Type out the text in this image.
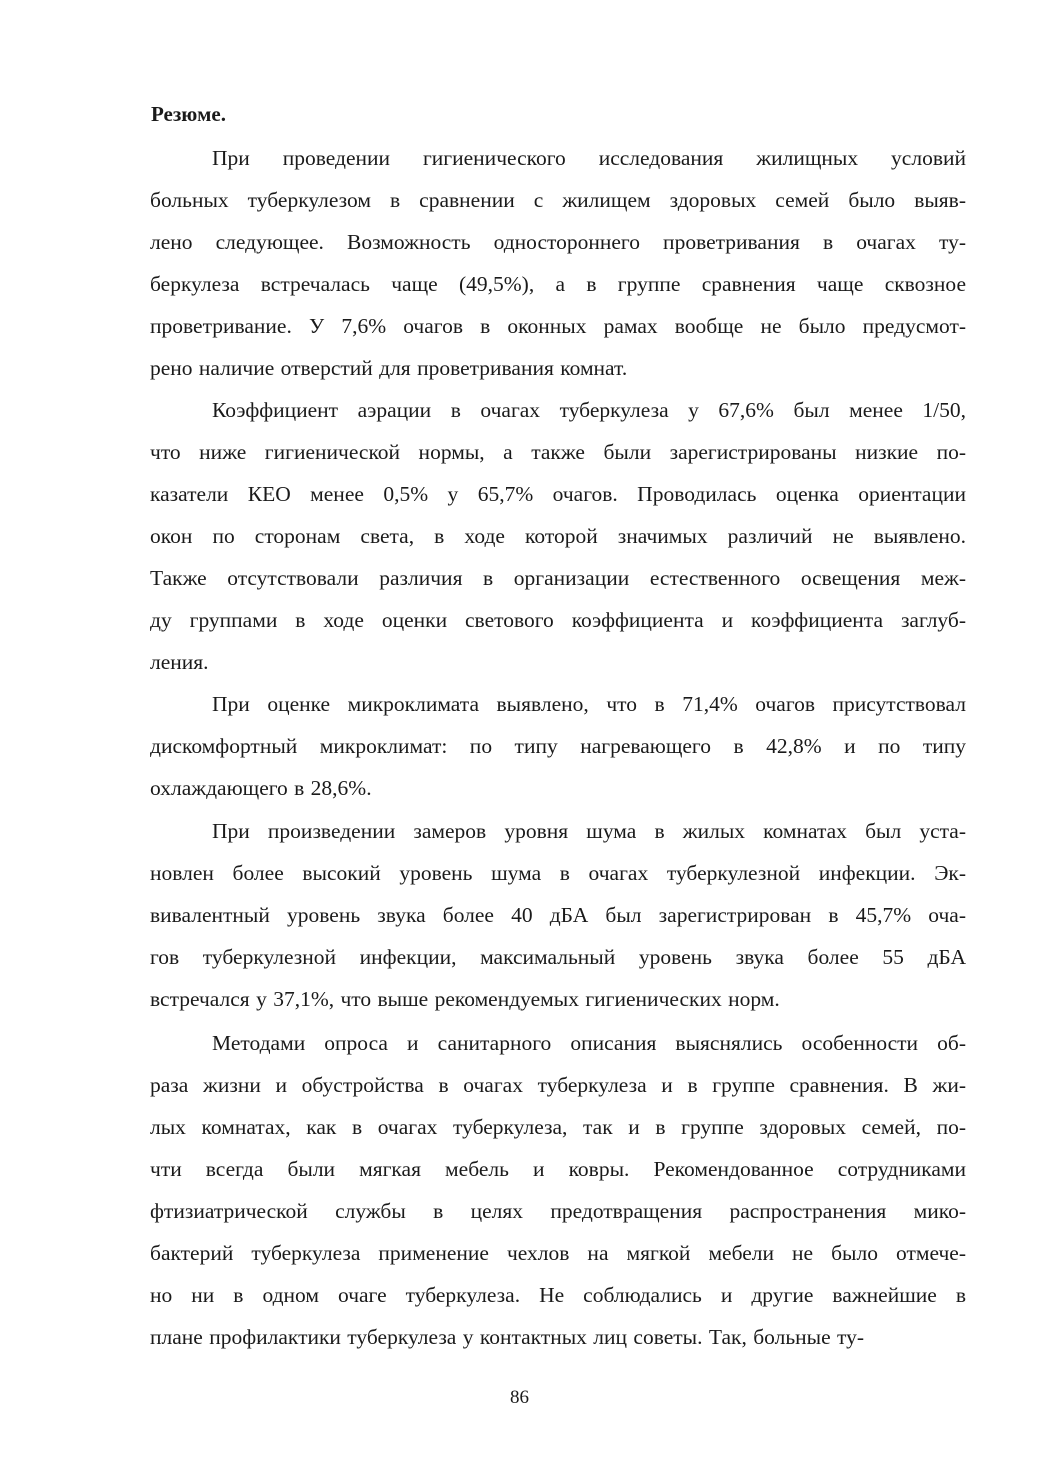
Резюме.
При проведении гигиенического исследования жилищных условий
больных туберкулезом в сравнении с жилищем здоровых семей было выяв-
лено следующее. Возможность одностороннего проветривания в очагах ту-
беркулеза встречалась чаще (49,5%), а в группе сравнения чаще сквозное
проветривание. У 7,6% очагов в оконных рамах вообще не было предусмот-
рено наличие отверстий для проветривания комнат.
Коэффициент аэрации в очагах туберкулеза у 67,6% был менее 1/50,
что ниже гигиенической нормы, а также были зарегистрированы низкие по-
казатели КЕО менее 0,5% у 65,7% очагов. Проводилась оценка ориентации
окон по сторонам света, в ходе которой значимых различий не выявлено.
Также отсутствовали различия в организации естественного освещения меж-
ду группами в ходе оценки светового коэффициента и коэффициента заглуб-
ления.
При оценке микроклимата выявлено, что в 71,4% очагов присутствовал
дискомфортный микроклимат: по типу нагревающего в 42,8% и по типу
охлаждающего в 28,6%.
При произведении замеров уровня шума в жилых комнатах был уста-
новлен более высокий уровень шума в очагах туберкулезной инфекции. Эк-
вивалентный уровень звука более 40 дБА был зарегистрирован в 45,7% оча-
гов туберкулезной инфекции, максимальный уровень звука более 55 дБА
встречался у 37,1%, что выше рекомендуемых гигиенических норм.
Методами опроса и санитарного описания выяснялись особенности об-
раза жизни и обустройства в очагах туберкулеза и в группе сравнения. В жи-
лых комнатах, как в очагах туберкулеза, так и в группе здоровых семей, по-
чти всегда были мягкая мебель и ковры. Рекомендованное сотрудниками
фтизиатрической службы в целях предотвращения распространения мико-
бактерий туберкулеза применение чехлов на мягкой мебели не было отмече-
но ни в одном очаге туберкулеза. Не соблюдались и другие важнейшие в
плане профилактики туберкулеза у контактных лиц советы. Так, больные ту-
86
